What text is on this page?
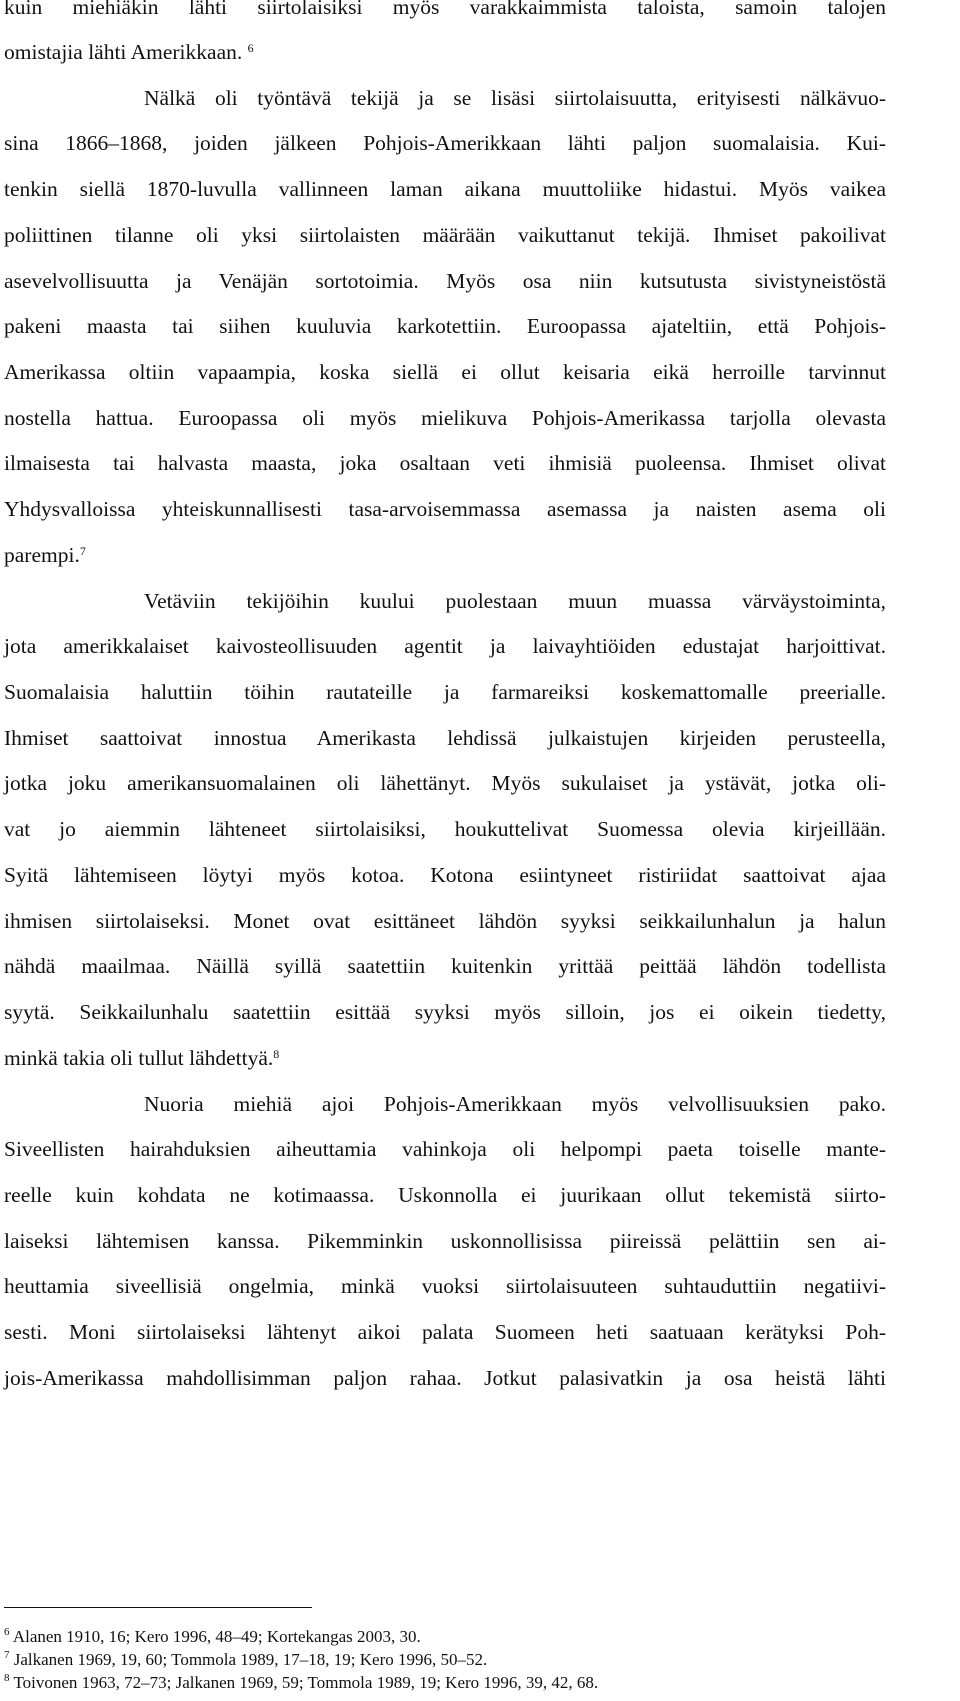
kuin miehiäkin lähti siirtolaisiksi myös varakkaimmista taloista, samoin talojen
omistajia lähti Amerikkaan. $^6$
Nälkä oli työntävä tekijä ja se lisäsi siirtolaisuutta, erityisesti nälkävuo-
sina 1866–1868, joiden jälkeen Pohjois-Amerikkaan lähti paljon suomalaisia. Kui-
tenkin siellä 1870-luvulla vallinneen laman aikana muuttoliike hidastui. Myös vaikea
poliittinen tilanne oli yksi siirtolaisten määrään vaikuttanut tekijä. Ihmiset pakoilivat
asevelvollisuutta ja Venäjän sortotoimia. Myös osa niin kutsutusta sivistyneistöstä
pakeni maasta tai siihen kuuluvia karkotettiin. Euroopassa ajateltiin, että Pohjois-
Amerikassa oltiin vapaampia, koska siellä ei ollut keisaria eikä herroille tarvinnut
nostella hattua. Euroopassa oli myös mielikuva Pohjois-Amerikassa tarjolla olevasta
ilmaisesta tai halvasta maasta, joka osaltaan veti ihmisiä puoleensa. Ihmiset olivat
Yhdysvalloissa yhteiskunnallisesti tasa-arvoisemmassa asemassa ja naisten asema oli
parempi.$^7$
Vetäviin tekijöihin kuului puolestaan muun muassa värväystoiminta,
jota amerikkalaiset kaivosteollisuuden agentit ja laivayhtiöiden edustajat harjoittivat.
Suomalaisia haluttiin töihin rautateille ja farmareiksi koskemattomalle preerialle.
Ihmiset saattoivat innostua Amerikasta lehdissä julkaistujen kirjeiden perusteella,
jotka joku amerikansuomalainen oli lähettänyt. Myös sukulaiset ja ystävät, jotka oli-
vat jo aiemmin lähteneet siirtolaisiksi, houkuttelivat Suomessa olevia kirjeillään.
Syitä lähtemiseen löytyi myös kotoa. Kotona esiintyneet ristiriidat saattoivat ajaa
ihmisen siirtolaiseksi. Monet ovat esittäneet lähdön syyksi seikkailunhalun ja halun
nähdä maailmaa. Näillä syillä saatettiin kuitenkin yrittää peittää lähdön todellista
syytä. Seikkailunhalu saatettiin esittää syyksi myös silloin, jos ei oikein tiedetty,
minkä takia oli tullut lähdettyä.$^8$
Nuoria miehiä ajoi Pohjois-Amerikkaan myös velvollisuuksien pako.
Siveellisten hairahduksien aiheuttamia vahinkoja oli helpompi paeta toiselle mante-
reelle kuin kohdata ne kotimaassa. Uskonnolla ei juurikaan ollut tekemistä siirto-
laiseksi lähtemisen kanssa. Pikemminkin uskonnollisissa piireissä pelättiin sen ai-
heuttamia siveellisiä ongelmia, minkä vuoksi siirtolaisuuteen suhtauduttiin negatiivi-
sesti. Moni siirtolaiseksi lähtenyt aikoi palata Suomeen heti saatuaan kerätyksi Poh-
jois-Amerikassa mahdollisimman paljon rahaa. Jotkut palasivatkin ja osa heistä lähti
$^6$ Alanen 1910, 16; Kero 1996, 48–49; Kortekangas 2003, 30.
$^7$ Jalkanen 1969, 19, 60; Tommola 1989, 17–18, 19; Kero 1996, 50–52.
$^8$ Toivonen 1963, 72–73; Jalkanen 1969, 59; Tommola 1989, 19; Kero 1996, 39, 42, 68.
